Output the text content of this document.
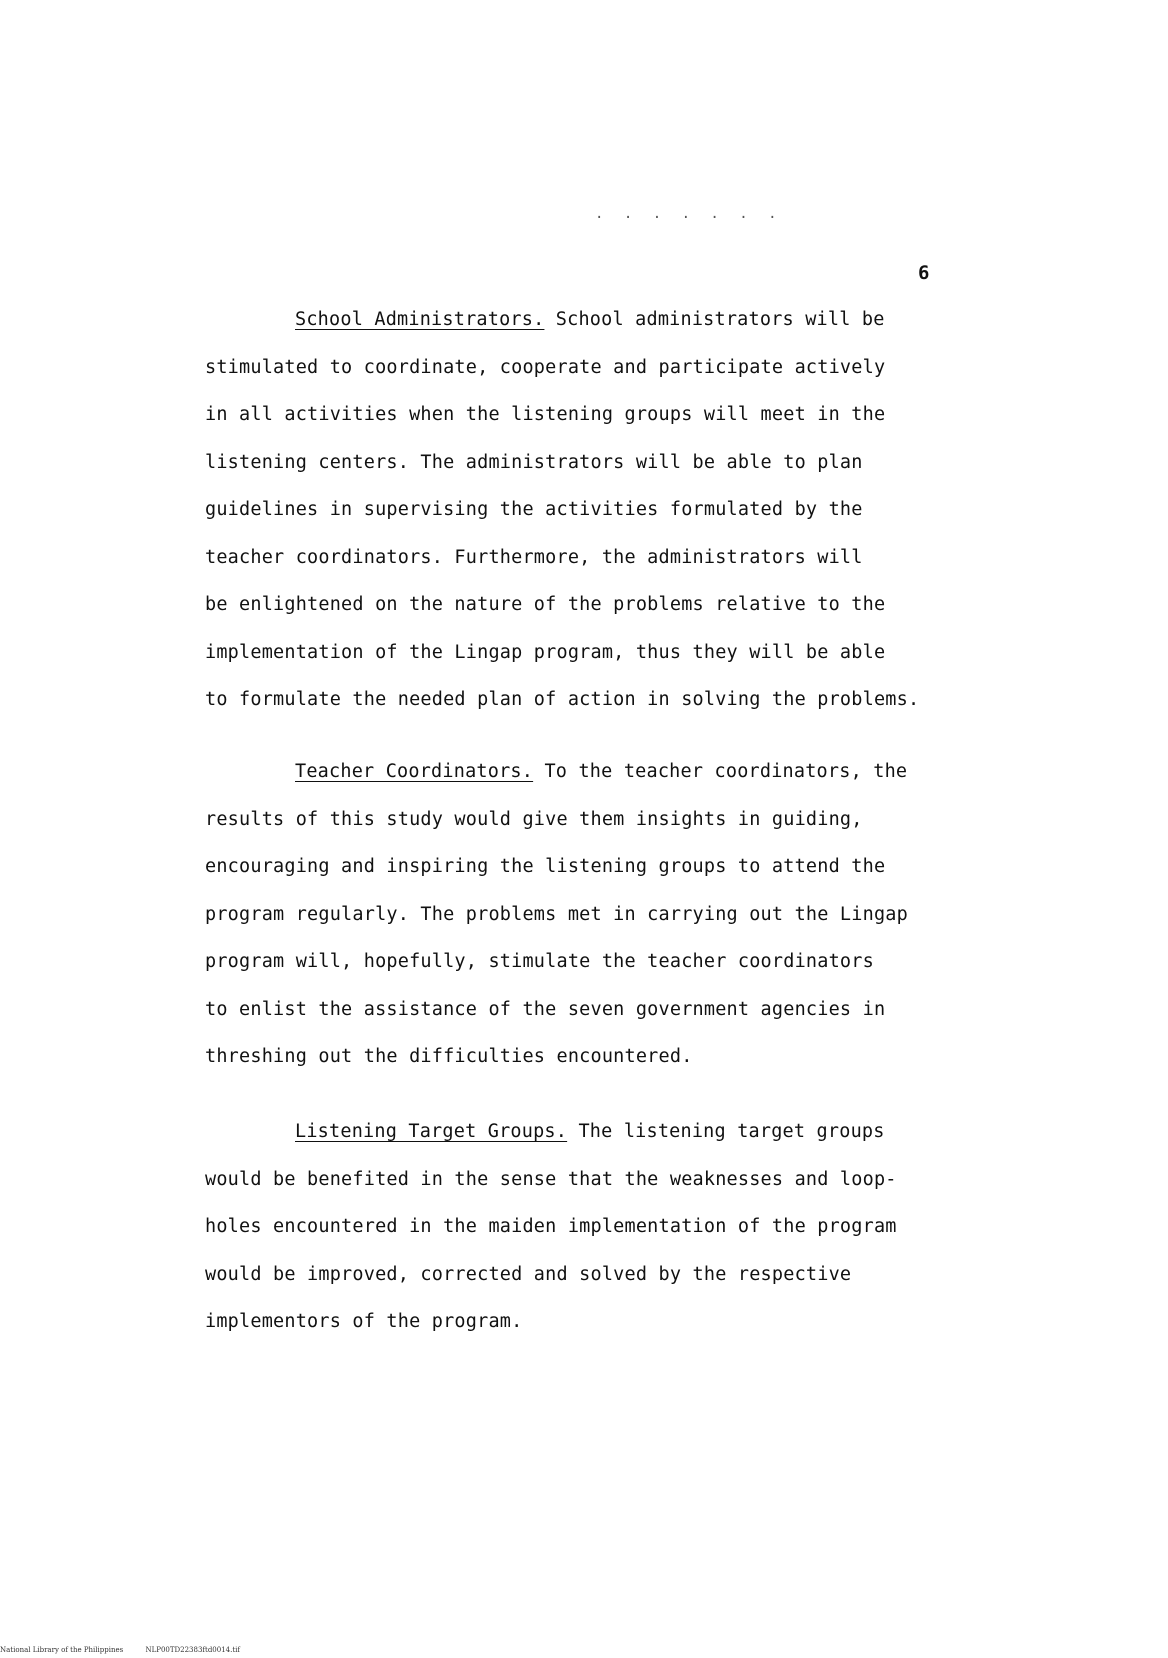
. . . . . . .
6
School Administrators. School administrators will be
stimulated to coordinate, cooperate and participate actively
in all activities when the listening groups will meet in the
listening centers. The administrators will be able to plan
guidelines in supervising the activities formulated by the
teacher coordinators. Furthermore, the administrators will
be enlightened on the nature of the problems relative to the
implementation of the Lingap program, thus they will be able
to formulate the needed plan of action in solving the problems.
Teacher Coordinators. To the teacher coordinators, the
results of this study would give them insights in guiding,
encouraging and inspiring the listening groups to attend the
program regularly. The problems met in carrying out the Lingap
program will, hopefully, stimulate the teacher coordinators
to enlist the assistance of the seven government agencies in
threshing out the difficulties encountered.
Listening Target Groups. The listening target groups
would be benefited in the sense that the weaknesses and loop-
holes encountered in the maiden implementation of the program
would be improved, corrected and solved by the respective
implementors of the program.
National Library of the Philippines	NLP00TD22383ftd0014.tif
